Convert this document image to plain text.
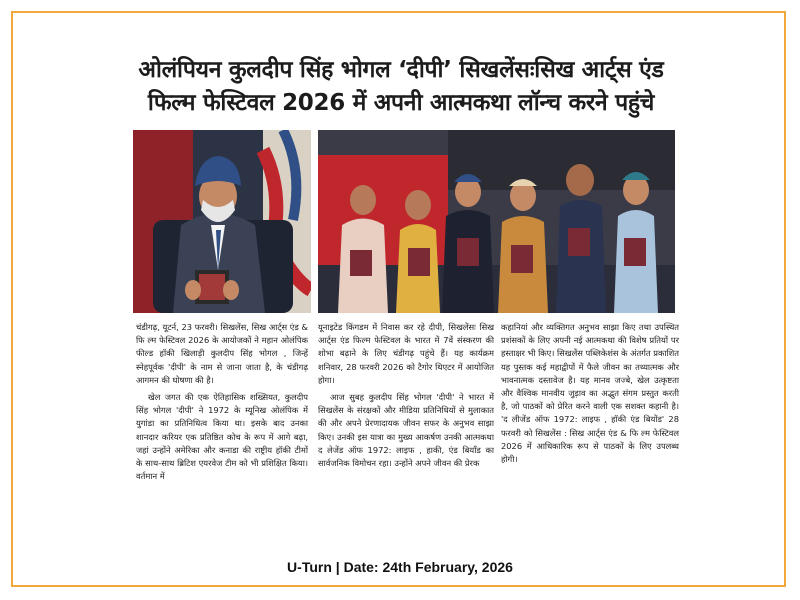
ओलंपियन कुलदीप सिंह भोगल ‘दीपी’ सिखलेंसःसिख आर्ट्स एंड
फिल्म फेस्टिवल 2026 में अपनी आत्मकथा लॉन्च करने पहुंचे

चंडीगढ़, यूटर्न, 23 फरवरी। सिखलेंस, सिख आर्ट्स एंड & फि ल्म फेस्टिवल 2026 के आयोजकों ने महान ओलंपिक फील्ड हॉकी खिलाड़ी कुलदीप सिंह भोगल , जिन्हें स्नेहपूर्वक 'दीपी' के नाम से जाना जाता है, के चंडीगढ़ आगमन की घोषणा की है।

खेल जगत की एक ऐतिहासिक शख्सियत, कुलदीप सिंह भोगल 'दीपी' ने 1972 के म्यूनिख ओलंपिक में युगांडा का प्रतिनिधित्व किया था। इसके बाद उनका शानदार करियर एक प्रतिष्ठित कोच के रूप में आगे बढ़ा, जहां उन्होंने अमेरिका और कनाडा की राष्ट्रीय हॉकी टीमों के साथ-साथ ब्रिटिश एयरवेज टीम को भी प्रशिक्षित किया। वर्तमान में

यूनाइटेड किंगडम में निवास कर रहे दीपी, सिखलेंसः सिख आर्ट्स एंड फिल्म फेस्टिवल के भारत में 7वें संस्करण की शोभा बढ़ाने के लिए चंडीगढ़ पहुंचे हैं। यह कार्यक्रम शनिवार, 28 फरवरी 2026 को टैगोर थिएटर में आयोजित होगा।

आज सुबह कुलदीप सिंह भोगल 'दीपी' ने भारत में सिखलेंस के संरक्षकों और मीडिया प्रतिनिधियों से मुलाकात की और अपने प्रेरणादायक जीवन सफर के अनुभव साझा किए। उनकी इस यात्रा का मुख्य आकर्षण उनकी आत्मकथा द लेजेंड ऑफ 1972: लाइफ , हाकी, एंड बियॉंड का सार्वजनिक विमोचन रहा। उन्होंने अपने जीवन की प्रेरक

कहानियां और व्यक्तिगत अनुभव साझा किए तथा उपस्थित प्रशंसकों के लिए अपनी नई आत्मकथा की विशेष प्रतियों पर हस्ताक्षर भी किए। सिखलेंस पब्लिकेशंस के अंतर्गत प्रकाशित यह पुस्तक कई महाद्वीपों में फैले जीवन का तथ्यात्मक और भावनात्मक दस्तावेज है। यह मानव जज्बे, खेल उत्कृष्टता और वैश्विक मानवीय जुड़ाव का अद्भुत संगम प्रस्तुत करती है, जो पाठकों को प्रेरित करने वाली एक सशक्त कहानी है। 'द लीजेंड ऑफ 1972: लाइफ , हॉकी एंड बियोंड' 28 फरवरी को सिखलेंस : सिख आर्ट्स एंड & फि ल्म फेस्टिवल 2026 में आधिकारिक रूप से पाठकों के लिए उपलब्ध होगी।

U-Turn | Date: 24th February, 2026
